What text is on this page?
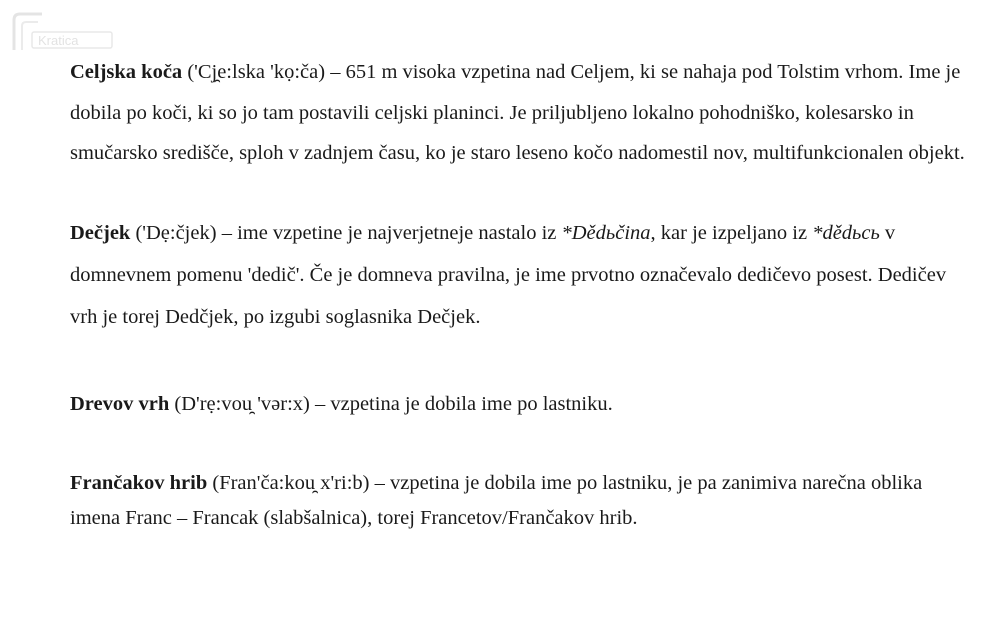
Kratica

Celjska koča ('Cj̯e:lska 'kọ:ča) – 651 m visoka vzpetina nad Celjem, ki se nahaja pod Tolstim vrhom. Ime je dobila po koči, ki so jo tam postavili celjski planinci. Je priljubljeno lokalno pohodniško, kolesarsko in smučarsko središče, sploh v zadnjem času, ko je staro leseno kočo nadomestil nov, multifunkcionalen objekt.

Dečjek ('Dẹ:čjek) – ime vzpetine je najverjetneje nastalo iz *Dědьčina, kar je izpeljano iz *dědьcь v domnevnem pomenu 'dedič'. Če je domneva pravilna, je ime prvotno označevalo dedičevo posest. Dedičev vrh je torej Dedčjek, po izgubi soglasnika Dečjek.

Drevov vrh (D'rẹ:vou̯ 'vər:x) – vzpetina je dobila ime po lastniku.

Frančakov hrib (Fran'ča:kou̯ x'ri:b) – vzpetina je dobila ime po lastniku, je pa zanimiva narečna oblika imena Franc – Francak (slabšalnica), torej Francetov/Frančakov hrib.
